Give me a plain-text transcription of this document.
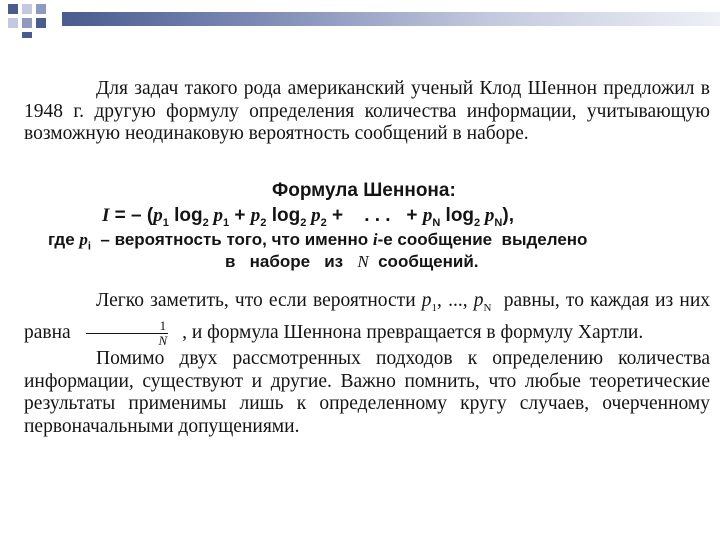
Для задач такого рода американский ученый Клод Шеннон предложил в 1948 г. другую формулу определения количества информации, учитывающую возможную неодинаковую вероятность сообщений в наборе.

Формула Шеннона:
I = – ($p_1$ $\log_2 p_1 + p_2$ $\log_2 p_2$ +    . . .   + $p_N$ $\log_2 p_N$),
где $p_i$  – вероятность того, что именно i-е сообщение  выделено
в   наборе   из   N  сообщений.

Легко заметить, что если вероятности $p_1$, ..., $p_N$  равны, то каждая из них равна $\frac{1}{N}$ , и формула Шеннона превращается в формулу Хартли.

Помимо двух рассмотренных подходов к определению количества информации, существуют и другие. Важно помнить, что любые теоретические результаты применимы лишь к определенному кругу случаев, очерченному первоначальными допущениями.
